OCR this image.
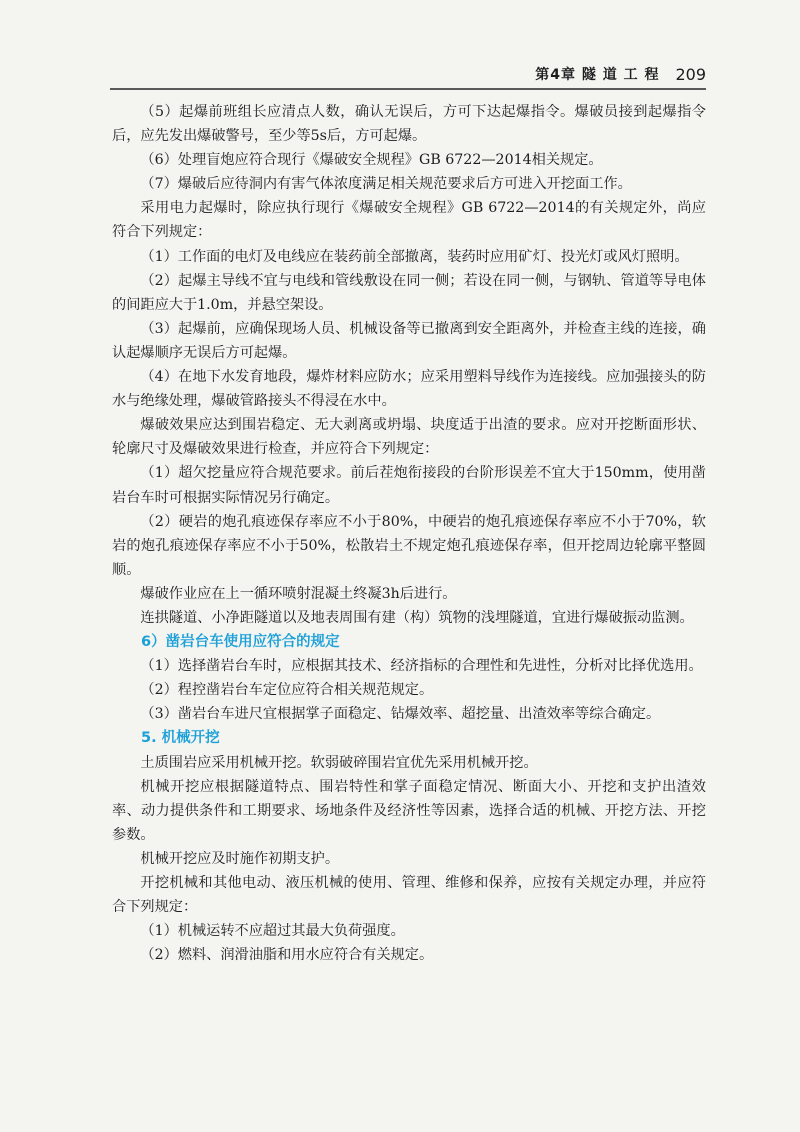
第4章 隧 道 工 程 209

（5）起爆前班组长应清点人数，确认无误后，方可下达起爆指令。爆破员接到起爆指令后，应先发出爆破警号，至少等5s后，方可起爆。

（6）处理盲炮应符合现行《爆破安全规程》GB 6722—2014相关规定。

（7）爆破后应待洞内有害气体浓度满足相关规范要求后方可进入开挖面工作。

采用电力起爆时，除应执行现行《爆破安全规程》GB 6722—2014的有关规定外，尚应符合下列规定：

（1）工作面的电灯及电线应在装药前全部撤离，装药时应用矿灯、投光灯或风灯照明。

（2）起爆主导线不宜与电线和管线敷设在同一侧；若设在同一侧，与钢轨、管道等导电体的间距应大于1.0m，并悬空架设。

（3）起爆前，应确保现场人员、机械设备等已撤离到安全距离外，并检查主线的连接，确认起爆顺序无误后方可起爆。

（4）在地下水发育地段，爆炸材料应防水；应采用塑料导线作为连接线。应加强接头的防水与绝缘处理，爆破管路接头不得浸在水中。

爆破效果应达到围岩稳定、无大剥离或坍塌、块度适于出渣的要求。应对开挖断面形状、轮廓尺寸及爆破效果进行检查，并应符合下列规定：

（1）超欠挖量应符合规范要求。前后茬炮衔接段的台阶形误差不宜大于150mm，使用凿岩台车时可根据实际情况另行确定。

（2）硬岩的炮孔痕迹保存率应不小于80%，中硬岩的炮孔痕迹保存率应不小于70%，软岩的炮孔痕迹保存率应不小于50%，松散岩土不规定炮孔痕迹保存率，但开挖周边轮廓平整圆顺。

爆破作业应在上一循环喷射混凝土终凝3h后进行。

连拱隧道、小净距隧道以及地表周围有建（构）筑物的浅埋隧道，宜进行爆破振动监测。

6）凿岩台车使用应符合的规定

（1）选择凿岩台车时，应根据其技术、经济指标的合理性和先进性，分析对比择优选用。

（2）程控凿岩台车定位应符合相关规范规定。

（3）凿岩台车进尺宜根据掌子面稳定、钻爆效率、超挖量、出渣效率等综合确定。

5. 机械开挖

土质围岩应采用机械开挖。软弱破碎围岩宜优先采用机械开挖。

机械开挖应根据隧道特点、围岩特性和掌子面稳定情况、断面大小、开挖和支护出渣效率、动力提供条件和工期要求、场地条件及经济性等因素，选择合适的机械、开挖方法、开挖参数。

机械开挖应及时施作初期支护。

开挖机械和其他电动、液压机械的使用、管理、维修和保养，应按有关规定办理，并应符合下列规定：

（1）机械运转不应超过其最大负荷强度。

（2）燃料、润滑油脂和用水应符合有关规定。
